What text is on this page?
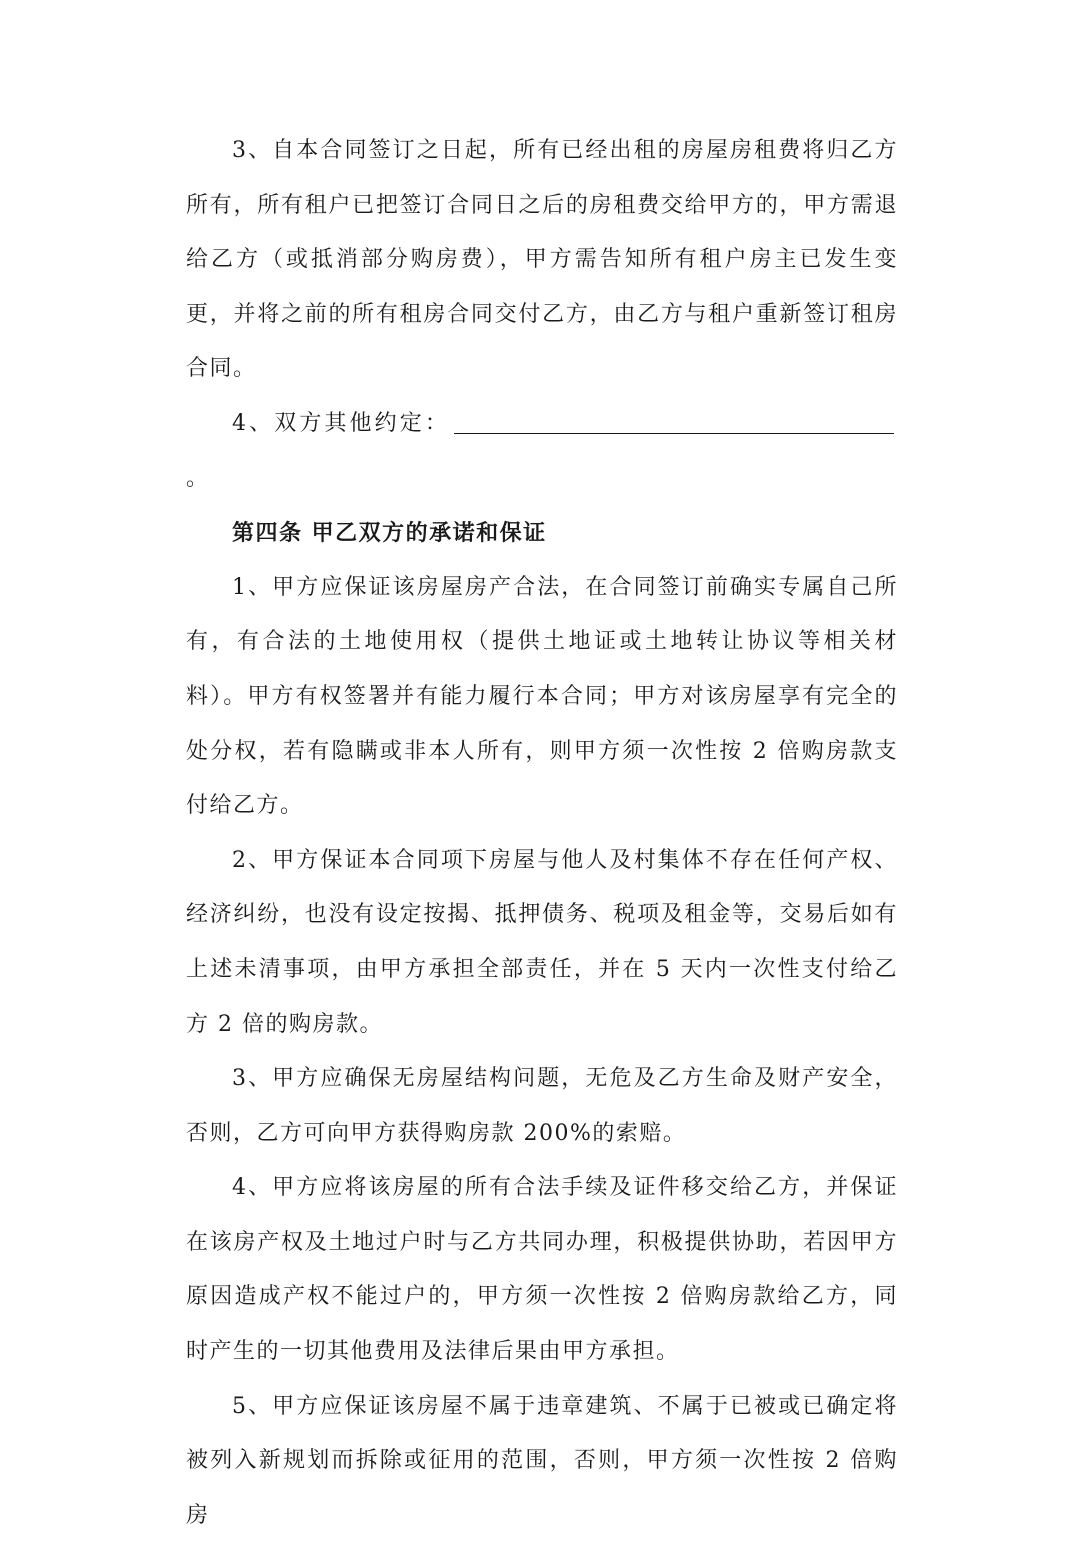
3、自本合同签订之日起，所有已经出租的房屋房租费将归乙方所有，所有租户已把签订合同日之后的房租费交给甲方的，甲方需退给乙方（或抵消部分购房费），甲方需告知所有租户房主已发生变更，并将之前的所有租房合同交付乙方，由乙方与租户重新签订租房合同。

4、双方其他约定：。

第四条 甲乙双方的承诺和保证

1、甲方应保证该房屋房产合法，在合同签订前确实专属自己所有，有合法的土地使用权（提供土地证或土地转让协议等相关材料）。甲方有权签署并有能力履行本合同；甲方对该房屋享有完全的处分权，若有隐瞒或非本人所有，则甲方须一次性按 2 倍购房款支付给乙方。

2、甲方保证本合同项下房屋与他人及村集体不存在任何产权、经济纠纷，也没有设定按揭、抵押债务、税项及租金等，交易后如有上述未清事项，由甲方承担全部责任，并在 5 天内一次性支付给乙方 2 倍的购房款。

3、甲方应确保无房屋结构问题，无危及乙方生命及财产安全，否则，乙方可向甲方获得购房款 200%的索赔。

4、甲方应将该房屋的所有合法手续及证件移交给乙方，并保证在该房产权及土地过户时与乙方共同办理，积极提供协助，若因甲方原因造成产权不能过户的，甲方须一次性按 2 倍购房款给乙方，同时产生的一切其他费用及法律后果由甲方承担。

5、甲方应保证该房屋不属于违章建筑、不属于已被或已确定将被列入新规划而拆除或征用的范围，否则，甲方须一次性按 2 倍购房
